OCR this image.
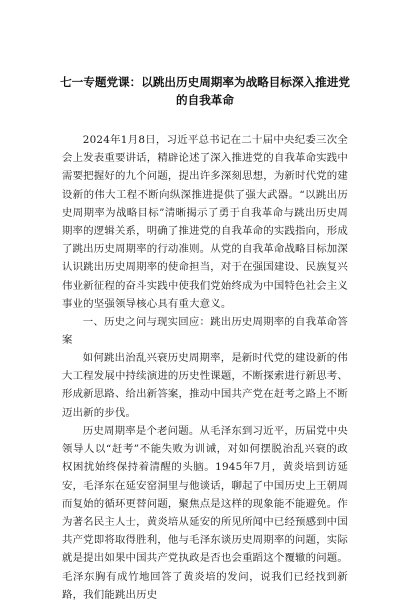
七一专题党课：以跳出历史周期率为战略目标深入推进党
的自我革命

2024年1月8日，习近平总书记在二十届中央纪委三次全会上发表重要讲话，精辟论述了深入推进党的自我革命实践中需要把握好的九个问题，提出许多深刻思想，为新时代党的建设新的伟大工程不断向纵深推进提供了强大武器。“以跳出历史周期率为战略目标”清晰揭示了勇于自我革命与跳出历史周期率的逻辑关系，明确了推进党的自我革命的实践指向，形成了跳出历史周期率的行动准则。从党的自我革命战略目标加深认识跳出历史周期率的使命担当，对于在强国建设、民族复兴伟业新征程的奋斗实践中使我们党始终成为中国特色社会主义事业的坚强领导核心具有重大意义。

一、历史之问与现实回应：跳出历史周期率的自我革命答案

如何跳出治乱兴衰历史周期率，是新时代党的建设新的伟大工程发展中持续演进的历史性课题，不断探索进行新思考、形成新思路、给出新答案，推动中国共产党在赶考之路上不断迈出新的步伐。

历史周期率是个老问题。从毛泽东到习近平，历届党中央领导人以“赶考”不能失败为训诫，对如何摆脱治乱兴衰的政权困扰始终保持着清醒的头脑。1945年7月，黄炎培到访延安，毛泽东在延安窑洞里与他谈话，聊起了中国历史上王朝周而复始的循环更替问题，聚焦点是这样的现象能不能避免。作为著名民主人士，黄炎培从延安的所见所闻中已经预感到中国共产党即将取得胜利，他与毛泽东谈历史周期率的问题，实际就是提出如果中国共产党执政是否也会重蹈这个覆辙的问题。毛泽东胸有成竹地回答了黄炎培的发问，说我们已经找到新路，我们能跳出历史
